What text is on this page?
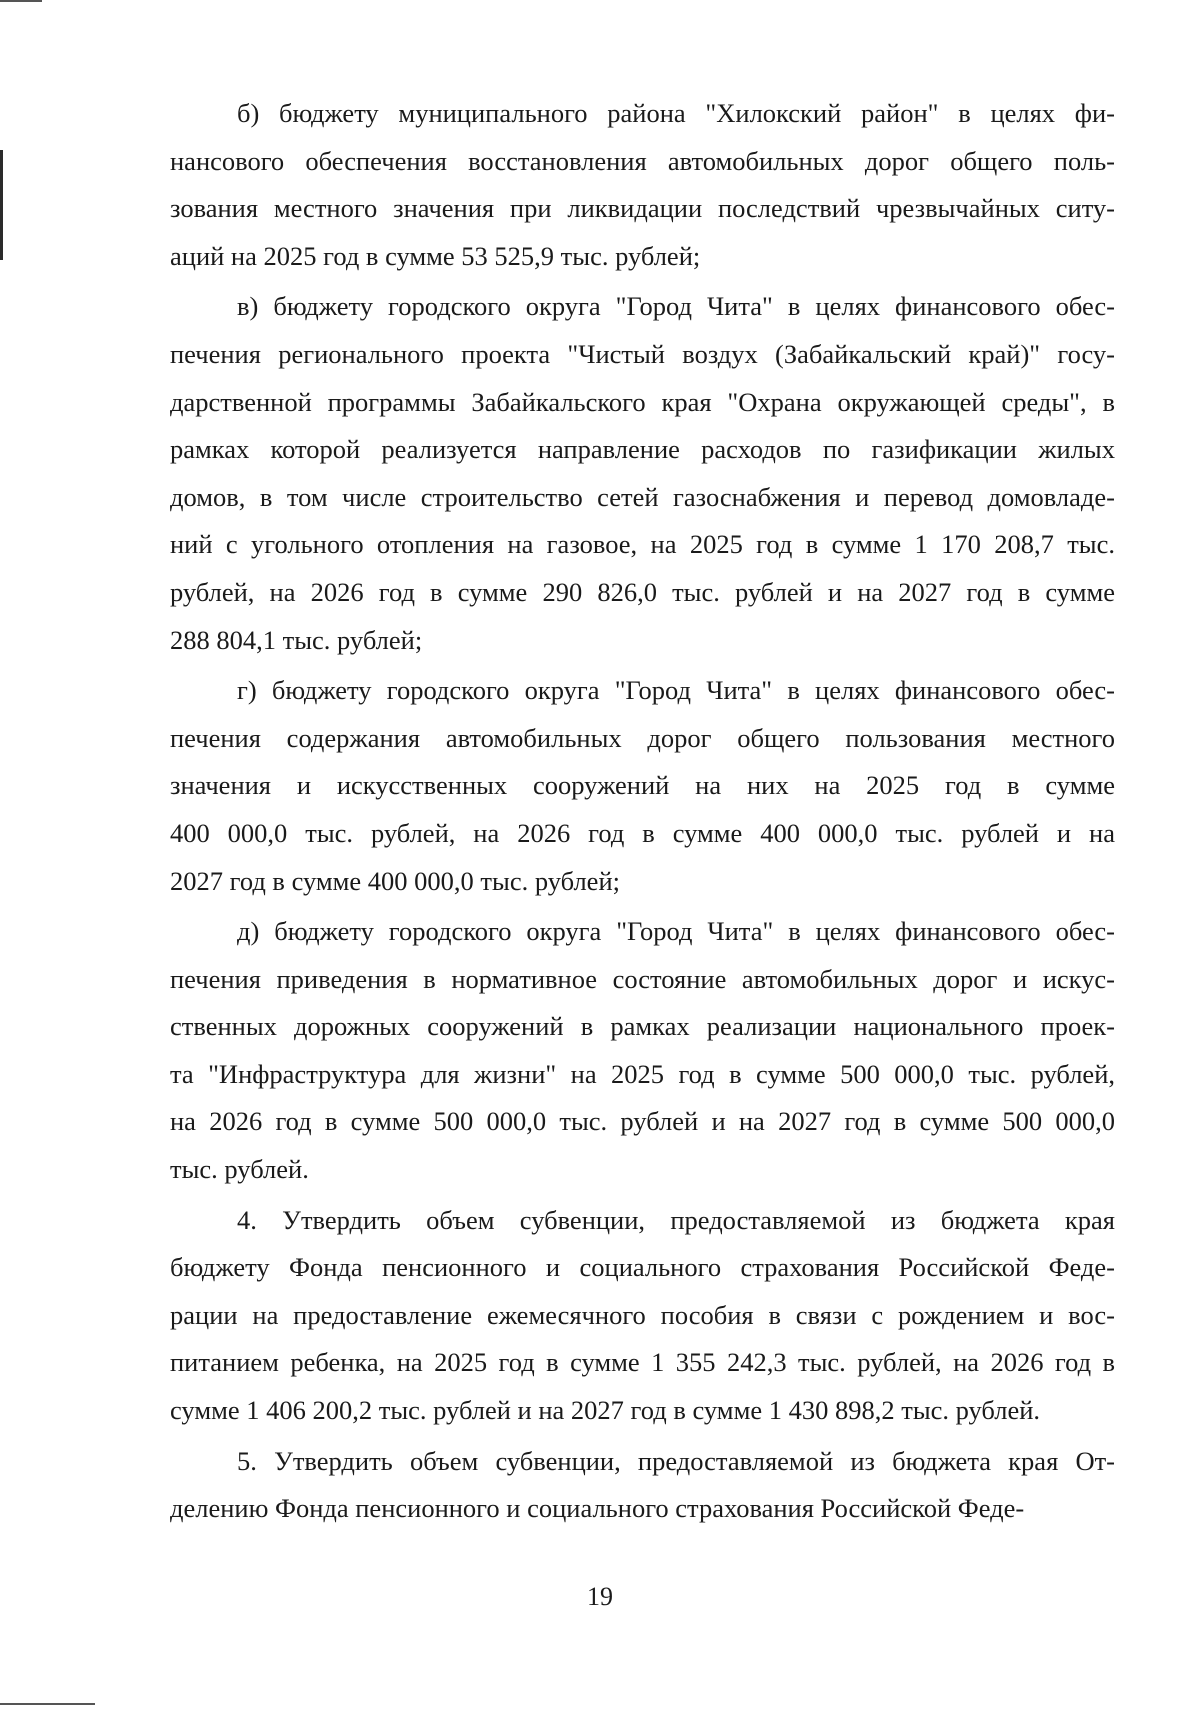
б) бюджету муниципального района "Хилокский район" в целях фи-
нансового обеспечения восстановления автомобильных дорог общего поль-
зования местного значения при ликвидации последствий чрезвычайных ситу-
аций на 2025 год в сумме 53 525,9 тыс. рублей;

в) бюджету городского округа "Город Чита" в целях финансового обес-
печения регионального проекта "Чистый воздух (Забайкальский край)" госу-
дарственной программы Забайкальского края "Охрана окружающей среды", в
рамках которой реализуется направление расходов по газификации жилых
домов, в том числе строительство сетей газоснабжения и перевод домовладе-
ний с угольного отопления на газовое, на 2025 год в сумме 1 170 208,7 тыс.
рублей, на 2026 год в сумме 290 826,0 тыс. рублей и на 2027 год в сумме
288 804,1 тыс. рублей;

г) бюджету городского округа "Город Чита" в целях финансового обес-
печения содержания автомобильных дорог общего пользования местного
значения и искусственных сооружений на них на 2025 год в сумме
400 000,0 тыс. рублей, на 2026 год в сумме 400 000,0 тыс. рублей и на
2027 год в сумме 400 000,0 тыс. рублей;

д) бюджету городского округа "Город Чита" в целях финансового обес-
печения приведения в нормативное состояние автомобильных дорог и искус-
ственных дорожных сооружений в рамках реализации национального проек-
та "Инфраструктура для жизни" на 2025 год в сумме 500 000,0 тыс. рублей,
на 2026 год в сумме 500 000,0 тыс. рублей и на 2027 год в сумме 500 000,0
тыс. рублей.

4. Утвердить объем субвенции, предоставляемой из бюджета края
бюджету Фонда пенсионного и социального страхования Российской Феде-
рации на предоставление ежемесячного пособия в связи с рождением и вос-
питанием ребенка, на 2025 год в сумме 1 355 242,3 тыс. рублей, на 2026 год в
сумме 1 406 200,2 тыс. рублей и на 2027 год в сумме 1 430 898,2 тыс. рублей.

5. Утвердить объем субвенции, предоставляемой из бюджета края От-
делению Фонда пенсионного и социального страхования Российской Феде-

19
